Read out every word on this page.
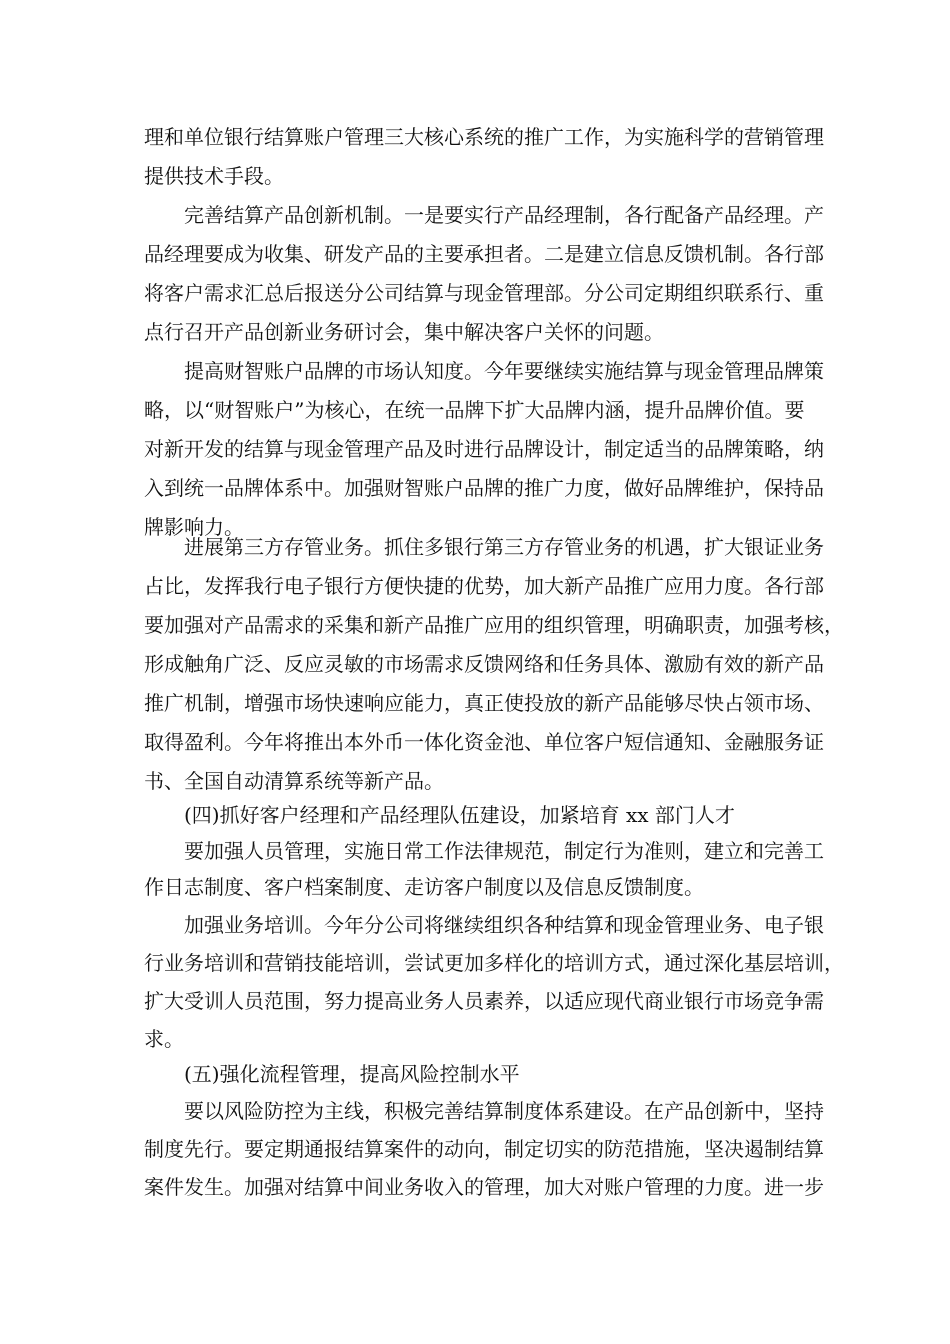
理和单位银行结算账户管理三大核心系统的推广工作，为实施科学的营销管理
提供技术手段。
完善结算产品创新机制。一是要实行产品经理制，各行配备产品经理。产
品经理要成为收集、研发产品的主要承担者。二是建立信息反馈机制。各行部
将客户需求汇总后报送分公司结算与现金管理部。分公司定期组织联系行、重
点行召开产品创新业务研讨会，集中解决客户关怀的问题。
提高财智账户品牌的市场认知度。今年要继续实施结算与现金管理品牌策
略，以“财智账户”为核心，在统一品牌下扩大品牌内涵，提升品牌价值。要
对新开发的结算与现金管理产品及时进行品牌设计，制定适当的品牌策略，纳
入到统一品牌体系中。加强财智账户品牌的推广力度，做好品牌维护，保持品
牌影响力。
进展第三方存管业务。抓住多银行第三方存管业务的机遇，扩大银证业务
占比，发挥我行电子银行方便快捷的优势，加大新产品推广应用力度。各行部
要加强对产品需求的采集和新产品推广应用的组织管理，明确职责，加强考核，
形成触角广泛、反应灵敏的市场需求反馈网络和任务具体、激励有效的新产品
推广机制，增强市场快速响应能力，真正使投放的新产品能够尽快占领市场、
取得盈利。今年将推出本外币一体化资金池、单位客户短信通知、金融服务证
书、全国自动清算系统等新产品。
(四)抓好客户经理和产品经理队伍建设，加紧培育 xx 部门人才
要加强人员管理，实施日常工作法律规范，制定行为准则，建立和完善工
作日志制度、客户档案制度、走访客户制度以及信息反馈制度。
加强业务培训。今年分公司将继续组织各种结算和现金管理业务、电子银
行业务培训和营销技能培训，尝试更加多样化的培训方式，通过深化基层培训，
扩大受训人员范围，努力提高业务人员素养，以适应现代商业银行市场竞争需
求。
(五)强化流程管理，提高风险控制水平
要以风险防控为主线，积极完善结算制度体系建设。在产品创新中，坚持
制度先行。要定期通报结算案件的动向，制定切实的防范措施，坚决遏制结算
案件发生。加强对结算中间业务收入的管理，加大对账户管理的力度。进一步
